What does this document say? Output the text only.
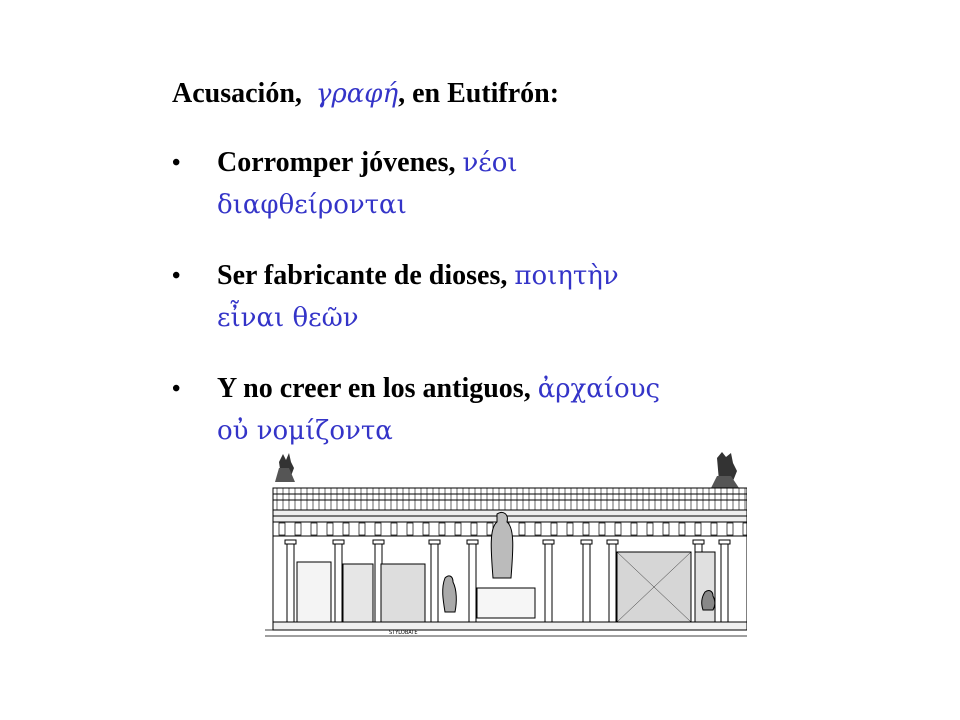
Acusación, γραφή, en Eutifrón:
• Corromper jóvenes, νέοι
διαφθείρονται
• Ser fabricante de dioses, ποιητὴν
εἶναι θεῶν
• Y no creer en los antiguos, ἀρχαίους
οὐ νομίζοντα
STYLOBATE
